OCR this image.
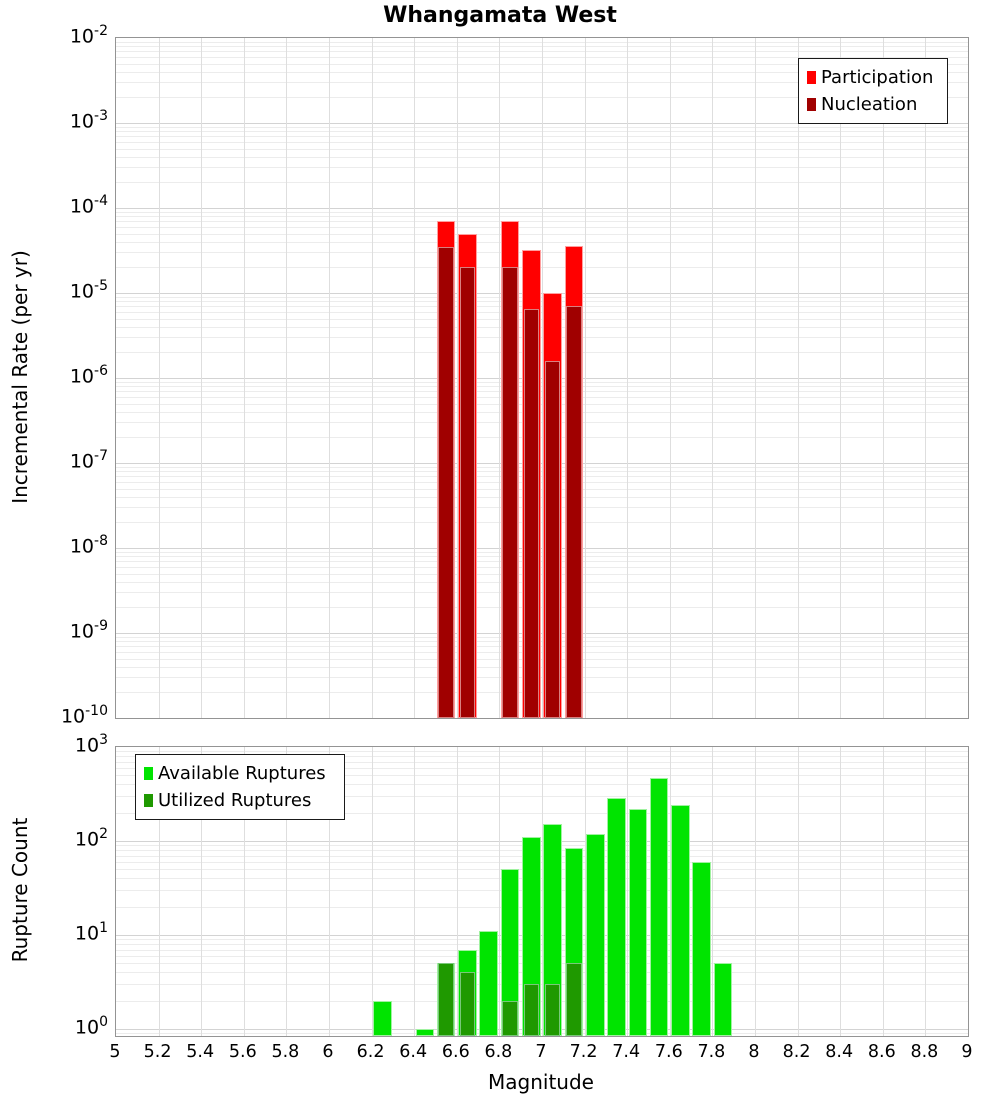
Whangamata West
Incremental Rate (per yr)
Rupture Count
Magnitude
Participation
Nucleation
Available Ruptures
Utilized Ruptures
$10^{-2}$
$10^{-3}$
$10^{-4}$
$10^{-5}$
$10^{-6}$
$10^{-7}$
$10^{-8}$
$10^{-9}$
$10^{-10}$
$10^3$
$10^2$
$10^1$
$10^0$
5	5.2 5.4 5.6 5.8	6	6.2 6.4 6.6 6.8	7	7.2 7.4 7.6 7.8	8	8.2 8.4 8.6 8.8	9
